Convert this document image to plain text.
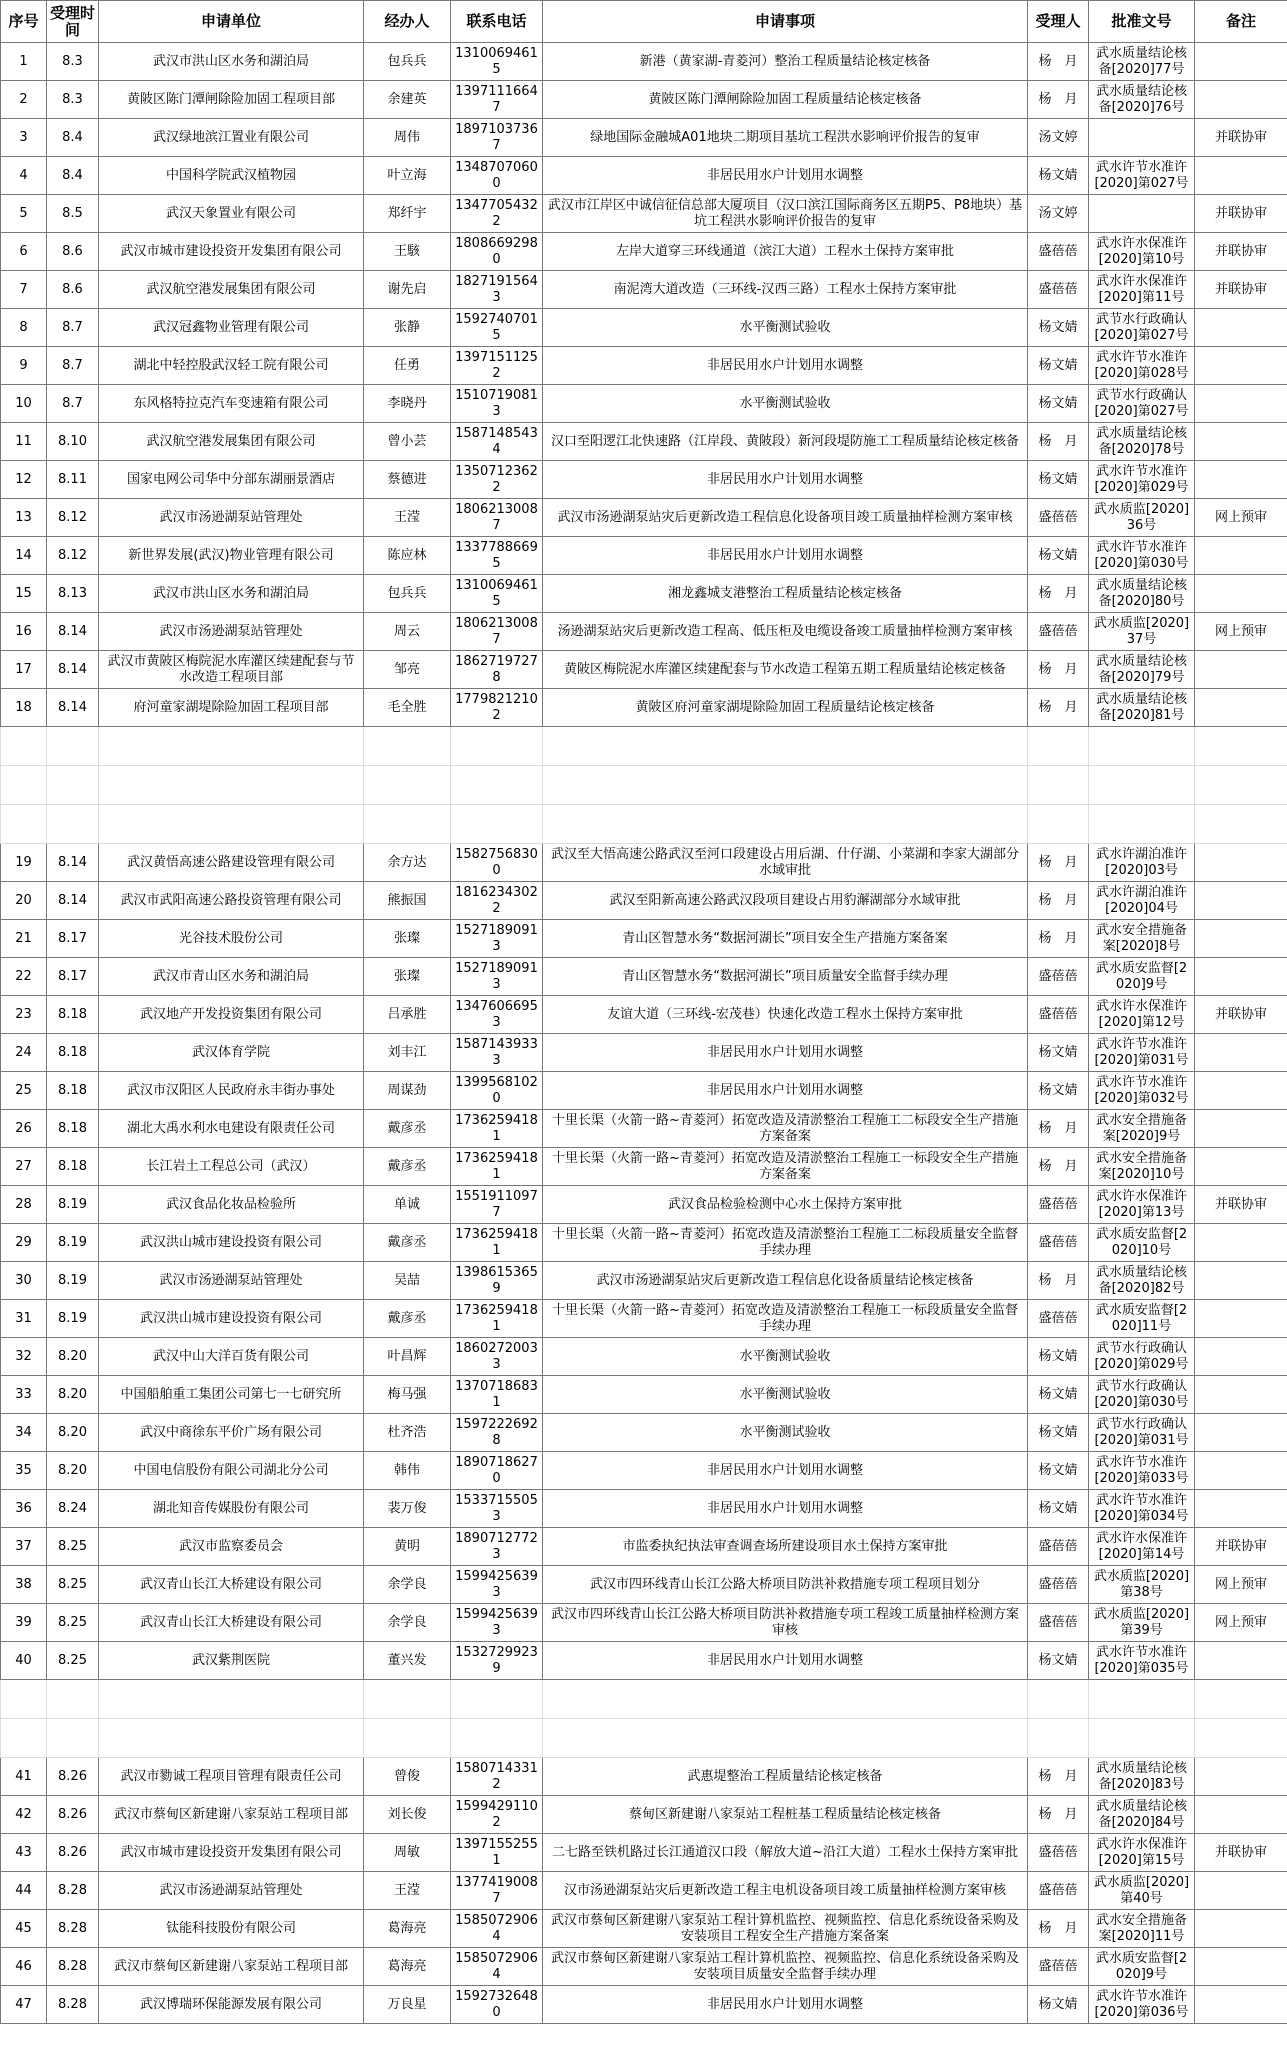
序号	受理时间	申请单位	经办人	联系电话	申请事项	受理人	批准文号	备注
1	8.3	武汉市洪山区水务和湖泊局	包兵兵	13100694615	新港（黄家湖-青菱河）整治工程质量结论核定核备	杨　月	武水质量结论核备[2020]77号	
2	8.3	黄陂区陈门潭闸除险加固工程项目部	余建英	13971116647	黄陂区陈门潭闸除险加固工程质量结论核定核备	杨　月	武水质量结论核备[2020]76号	
3	8.4	武汉绿地滨江置业有限公司	周伟	18971037367	绿地国际金融城A01地块二期项目基坑工程洪水影响评价报告的复审	汤文婷		并联协审
4	8.4	中国科学院武汉植物园	叶立海	13487070600	非居民用水户计划用水调整	杨文婧	武水许节水准许[2020]第027号	
5	8.5	武汉天象置业有限公司	郑纤宇	13477054322	武汉市江岸区中诚信征信总部大厦项目（汉口滨江国际商务区五期P5、P8地块）基坑工程洪水影响评价报告的复审	汤文婷		并联协审
6	8.6	武汉市城市建设投资开发集团有限公司	王駭	18086692980	左岸大道穿三环线通道（滨江大道）工程水土保持方案审批	盛蓓蓓	武水许水保准许[2020]第10号	并联协审
7	8.6	武汉航空港发展集团有限公司	谢先启	18271915643	南泥湾大道改造（三环线-汉西三路）工程水土保持方案审批	盛蓓蓓	武水许水保准许[2020]第11号	并联协审
8	8.7	武汉冠鑫物业管理有限公司	张静	15927407015	水平衡测试验收	杨文婧	武节水行政确认[2020]第027号	
9	8.7	湖北中轻控股武汉轻工院有限公司	任勇	13971511252	非居民用水户计划用水调整	杨文婧	武水许节水准许[2020]第028号	
10	8.7	东风格特拉克汽车变速箱有限公司	李晓丹	15107190813	水平衡测试验收	杨文婧	武节水行政确认[2020]第027号	
11	8.10	武汉航空港发展集团有限公司	曾小芸	15871485434	汉口至阳逻江北快速路（江岸段、黄陂段）新河段堤防施工工程质量结论核定核备	杨　月	武水质量结论核备[2020]78号	
12	8.11	国家电网公司华中分部东湖丽景酒店	蔡德进	13507123622	非居民用水户计划用水调整	杨文婧	武水许节水准许[2020]第029号	
13	8.12	武汉市汤逊湖泵站管理处	王滢	18062130087	武汉市汤逊湖泵站灾后更新改造工程信息化设备项目竣工质量抽样检测方案审核	盛蓓蓓	武水质监[2020]36号	网上预审
14	8.12	新世界发展(武汉)物业管理有限公司	陈应林	13377886695	非居民用水户计划用水调整	杨文婧	武水许节水准许[2020]第030号	
15	8.13	武汉市洪山区水务和湖泊局	包兵兵	13100694615	湘龙鑫城支港整治工程质量结论核定核备	杨　月	武水质量结论核备[2020]80号	
16	8.14	武汉市汤逊湖泵站管理处	周云	18062130087	汤逊湖泵站灾后更新改造工程高、低压柜及电缆设备竣工质量抽样检测方案审核	盛蓓蓓	武水质监[2020]37号	网上预审
17	8.14	武汉市黄陂区梅院泥水库灌区续建配套与节水改造工程项目部	邹亮	18627197278	黄陂区梅院泥水库灌区续建配套与节水改造工程第五期工程质量结论核定核备	杨　月	武水质量结论核备[2020]79号	
18	8.14	府河童家湖堤除险加固工程项目部	毛全胜	17798212102	黄陂区府河童家湖堤除险加固工程质量结论核定核备	杨　月	武水质量结论核备[2020]81号	

19	8.14	武汉黄悟高速公路建设管理有限公司	余方达	15827568300	武汉至大悟高速公路武汉至河口段建设占用后湖、什仔湖、小菜湖和李家大湖部分水域审批	杨　月	武水许湖泊准许[2020]03号	
20	8.14	武汉市武阳高速公路投资管理有限公司	熊振国	18162343022	武汉至阳新高速公路武汉段项目建设占用豹澥湖部分水域审批	杨　月	武水许湖泊准许[2020]04号	
21	8.17	光谷技术股份公司	张璨	15271890913	青山区智慧水务“数据河湖长”项目安全生产措施方案备案	杨　月	武水安全措施备案[2020]8号	
22	8.17	武汉市青山区水务和湖泊局	张璨	15271890913	青山区智慧水务“数据河湖长”项目质量安全监督手续办理	盛蓓蓓	武水质安监督[2020]9号	
23	8.18	武汉地产开发投资集团有限公司	吕承胜	13476066953	友谊大道（三环线-宏茂巷）快速化改造工程水土保持方案审批	盛蓓蓓	武水许水保准许[2020]第12号	并联协审
24	8.18	武汉体育学院	刘丰江	15871439333	非居民用水户计划用水调整	杨文婧	武水许节水准许[2020]第031号	
25	8.18	武汉市汉阳区人民政府永丰街办事处	周谋劲	13995681020	非居民用水户计划用水调整	杨文婧	武水许节水准许[2020]第032号	
26	8.18	湖北大禹水利水电建设有限责任公司	戴彦丞	17362594181	十里长渠（火箭一路~青菱河）拓宽改造及清淤整治工程施工二标段安全生产措施方案备案	杨　月	武水安全措施备案[2020]9号	
27	8.18	长江岩土工程总公司（武汉）	戴彦丞	17362594181	十里长渠（火箭一路~青菱河）拓宽改造及清淤整治工程施工一标段安全生产措施方案备案	杨　月	武水安全措施备案[2020]10号	
28	8.19	武汉食品化妆品检验所	单诚	15519110977	武汉食品检验检测中心水土保持方案审批	盛蓓蓓	武水许水保准许[2020]第13号	并联协审
29	8.19	武汉洪山城市建设投资有限公司	戴彦丞	17362594181	十里长渠（火箭一路~青菱河）拓宽改造及清淤整治工程施工二标段质量安全监督手续办理	盛蓓蓓	武水质安监督[2020]10号	
30	8.19	武汉市汤逊湖泵站管理处	吴喆	13986153659	武汉市汤逊湖泵站灾后更新改造工程信息化设备质量结论核定核备	杨　月	武水质量结论核备[2020]82号	
31	8.19	武汉洪山城市建设投资有限公司	戴彦丞	17362594181	十里长渠（火箭一路~青菱河）拓宽改造及清淤整治工程施工一标段质量安全监督手续办理	盛蓓蓓	武水质安监督[2020]11号	
32	8.20	武汉中山大洋百货有限公司	叶昌辉	18602720033	水平衡测试验收	杨文婧	武节水行政确认[2020]第029号	
33	8.20	中国船舶重工集团公司第七一七研究所	梅马强	13707186831	水平衡测试验收	杨文婧	武节水行政确认[2020]第030号	
34	8.20	武汉中商徐东平价广场有限公司	杜齐浩	15972226928	水平衡测试验收	杨文婧	武节水行政确认[2020]第031号	
35	8.20	中国电信股份有限公司湖北分公司	韩伟	18907186270	非居民用水户计划用水调整	杨文婧	武水许节水准许[2020]第033号	
36	8.24	湖北知音传媒股份有限公司	裴万俊	15337155053	非居民用水户计划用水调整	杨文婧	武水许节水准许[2020]第034号	
37	8.25	武汉市监察委员会	黄明	18907127723	市监委执纪执法审查调查场所建设项目水土保持方案审批	盛蓓蓓	武水许水保准许[2020]第14号	并联协审
38	8.25	武汉青山长江大桥建设有限公司	余学良	15994256393	武汉市四环线青山长江公路大桥项目防洪补救措施专项工程项目划分	盛蓓蓓	武水质监[2020]第38号	网上预审
39	8.25	武汉青山长江大桥建设有限公司	余学良	15994256393	武汉市四环线青山长江公路大桥项目防洪补救措施专项工程竣工质量抽样检测方案审核	盛蓓蓓	武水质监[2020]第39号	网上预审
40	8.25	武汉紫荆医院	董兴发	15327299239	非居民用水户计划用水调整	杨文婧	武水许节水准许[2020]第035号	

41	8.26	武汉市勠诚工程项目管理有限责任公司	曾俊	15807143312	武惠堤整治工程质量结论核定核备	杨　月	武水质量结论核备[2020]83号	
42	8.26	武汉市蔡甸区新建谢八家泵站工程项目部	刘长俊	15994291102	蔡甸区新建谢八家泵站工程桩基工程质量结论核定核备	杨　月	武水质量结论核备[2020]84号	
43	8.26	武汉市城市建设投资开发集团有限公司	周敏	13971552551	二七路至铁机路过长江通道汉口段（解放大道~沿江大道）工程水土保持方案审批	盛蓓蓓	武水许水保准许[2020]第15号	并联协审
44	8.28	武汉市汤逊湖泵站管理处	王滢	13774190087	汉市汤逊湖泵站灾后更新改造工程主电机设备项目竣工质量抽样检测方案审核	盛蓓蓓	武水质监[2020]第40号	
45	8.28	钛能科技股份有限公司	葛海亮	15850729064	武汉市蔡甸区新建谢八家泵站工程计算机监控、视频监控、信息化系统设备采购及安装项目工程安全生产措施方案备案	杨　月	武水安全措施备案[2020]11号	
46	8.28	武汉市蔡甸区新建谢八家泵站工程项目部	葛海亮	15850729064	武汉市蔡甸区新建谢八家泵站工程计算机监控、视频监控、信息化系统设备采购及安装项目质量安全监督手续办理	盛蓓蓓	武水质安监督[2020]9号	
47	8.28	武汉博瑞环保能源发展有限公司	万良星	15927326480	非居民用水户计划用水调整	杨文婧	武水许节水准许[2020]第036号	
